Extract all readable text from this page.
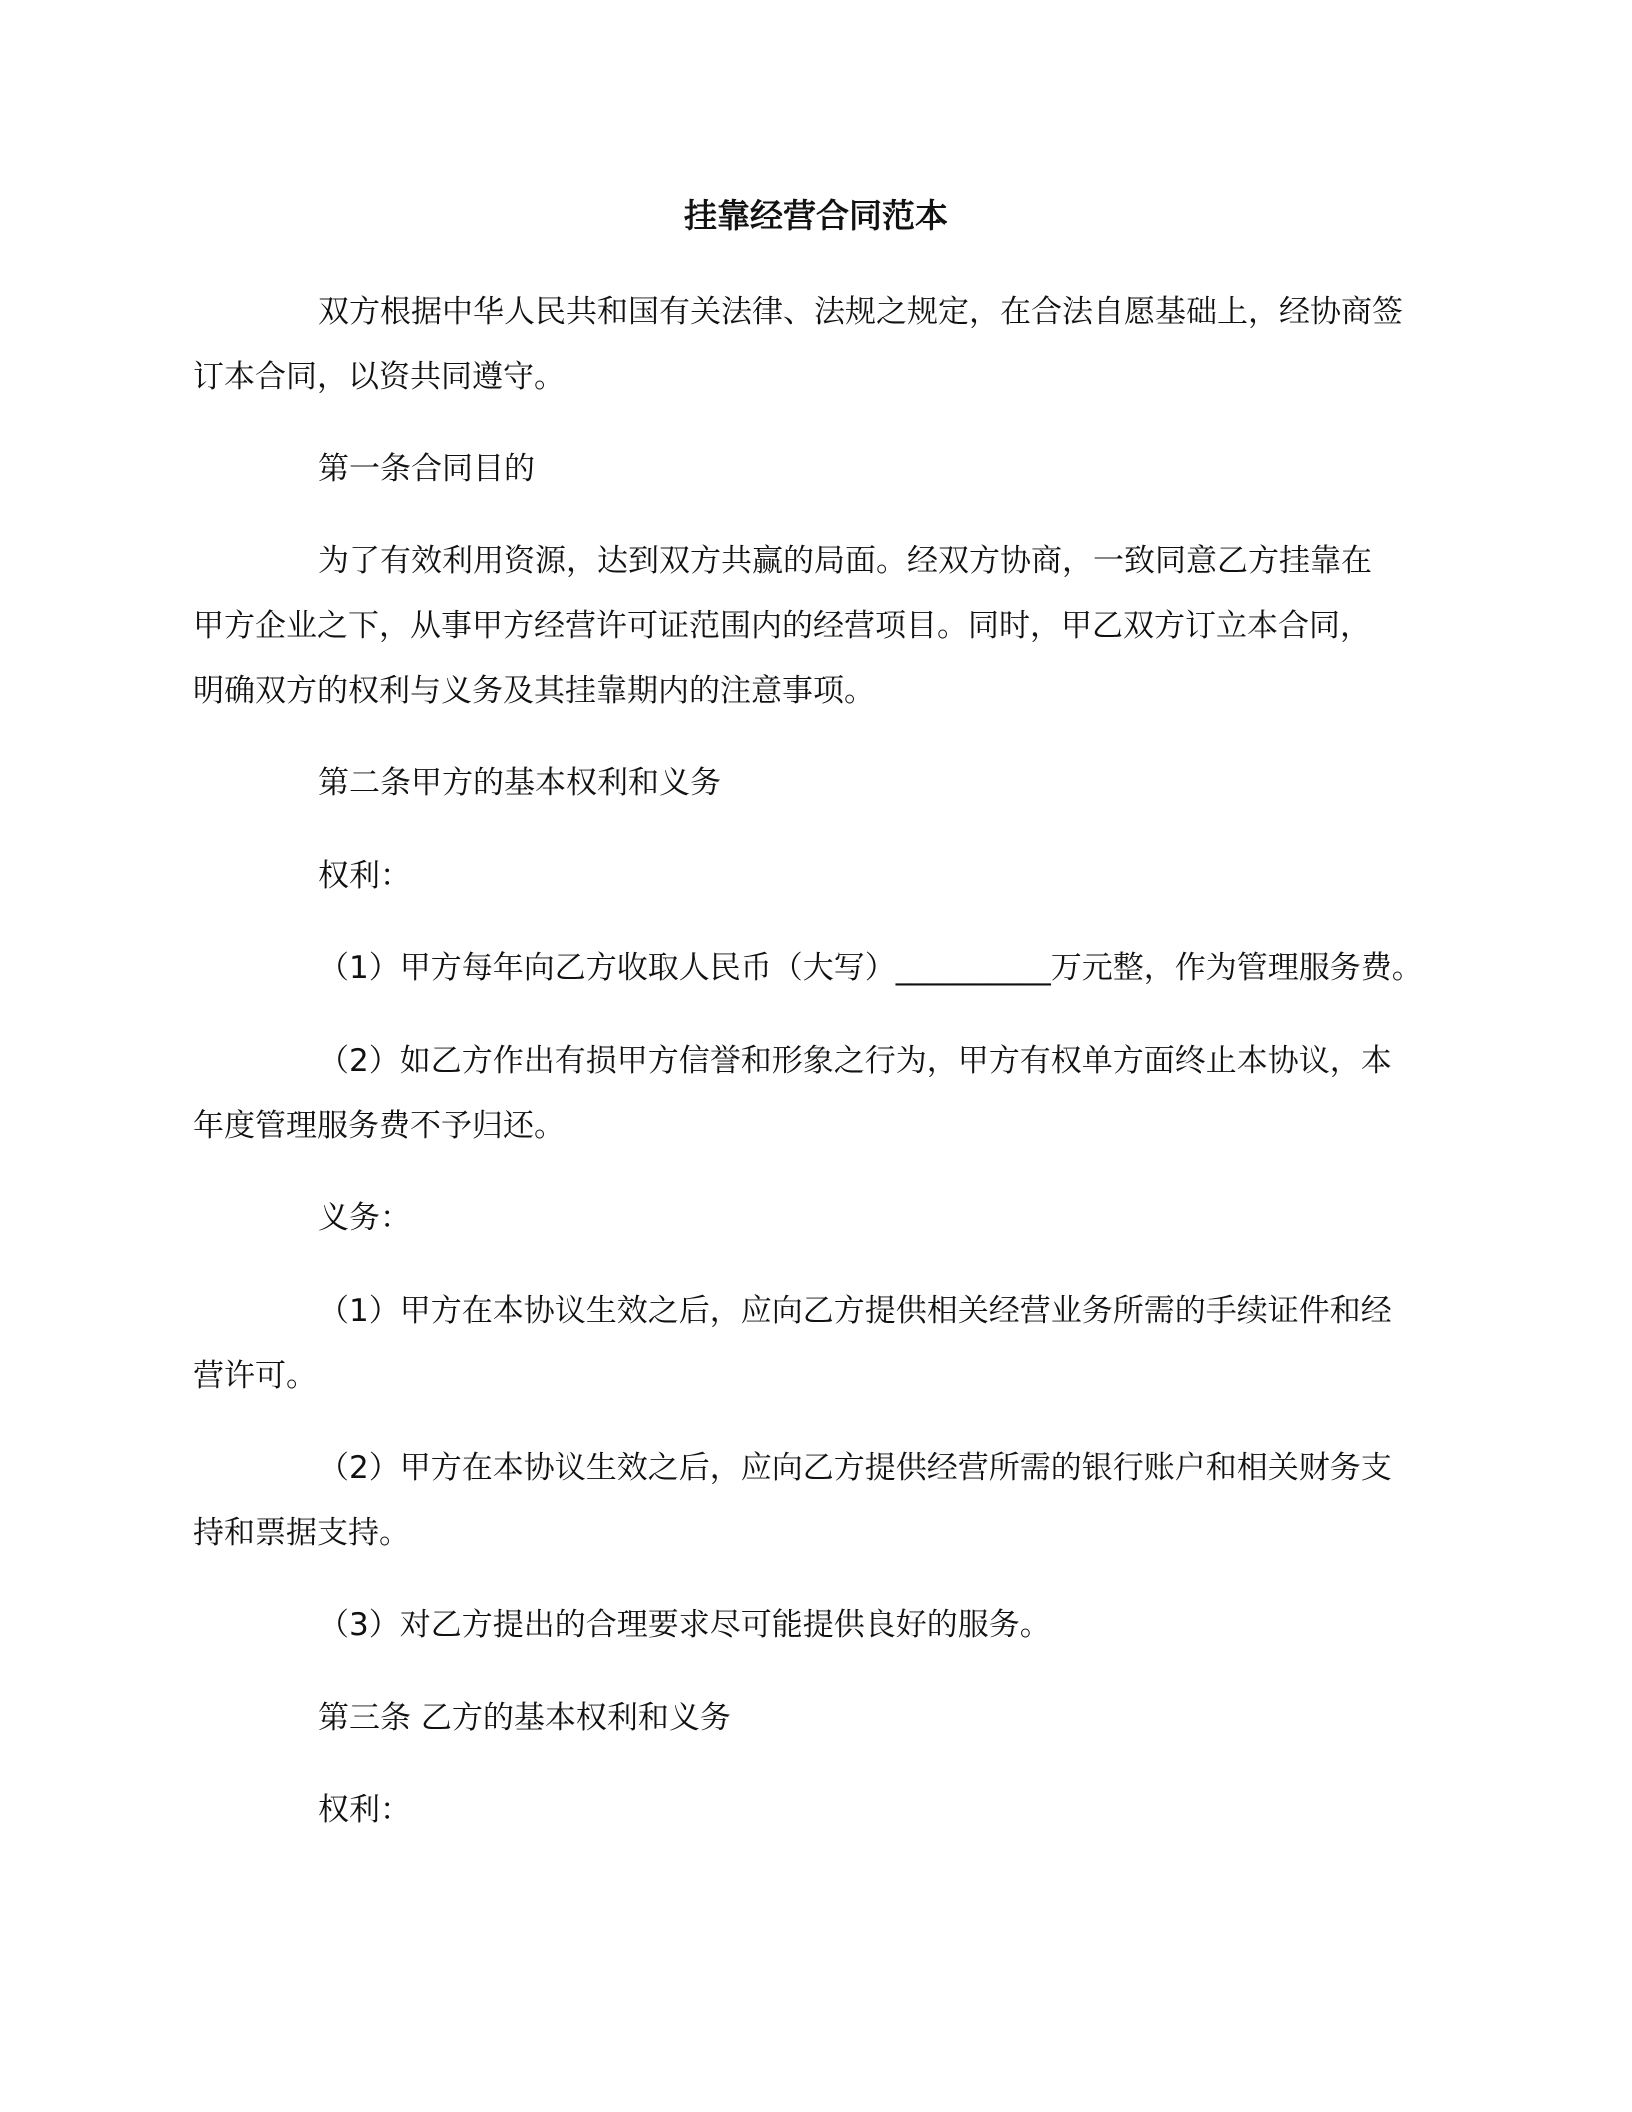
挂靠经营合同范本
双方根据中华人民共和国有关法律、法规之规定，在合法自愿基础上，经协商签
订本合同，以资共同遵守。
第一条合同目的
为了有效利用资源，达到双方共赢的局面。经双方协商，一致同意乙方挂靠在
甲方企业之下，从事甲方经营许可证范围内的经营项目。同时，甲乙双方订立本合同，
明确双方的权利与义务及其挂靠期内的注意事项。
第二条甲方的基本权利和义务
权利：
（1）甲方每年向乙方收取人民币（大写）__________万元整，作为管理服务费。
（2）如乙方作出有损甲方信誉和形象之行为，甲方有权单方面终止本协议，本
年度管理服务费不予归还。
义务：
（1）甲方在本协议生效之后，应向乙方提供相关经营业务所需的手续证件和经
营许可。
（2）甲方在本协议生效之后，应向乙方提供经营所需的银行账户和相关财务支
持和票据支持。
（3）对乙方提出的合理要求尽可能提供良好的服务。
第三条 乙方的基本权利和义务
权利：
